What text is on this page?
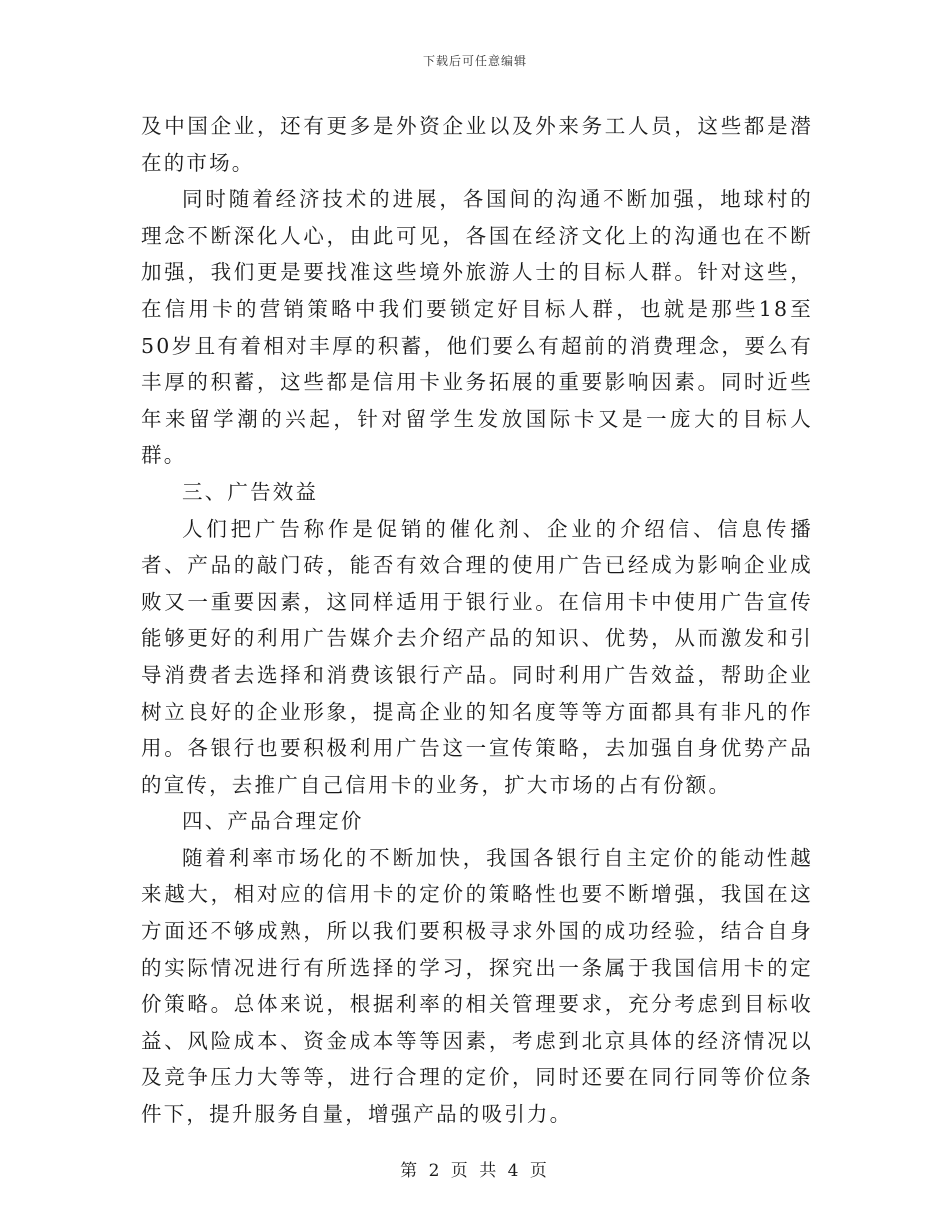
下载后可任意编辑

及中国企业，还有更多是外资企业以及外来务工人员，这些都是潜在的市场。

同时随着经济技术的进展，各国间的沟通不断加强，地球村的理念不断深化人心，由此可见，各国在经济文化上的沟通也在不断加强，我们更是要找准这些境外旅游人士的目标人群。针对这些，在信用卡的营销策略中我们要锁定好目标人群，也就是那些18至50岁且有着相对丰厚的积蓄，他们要么有超前的消费理念，要么有丰厚的积蓄，这些都是信用卡业务拓展的重要影响因素。同时近些年来留学潮的兴起，针对留学生发放国际卡又是一庞大的目标人群。

三、广告效益

人们把广告称作是促销的催化剂、企业的介绍信、信息传播者、产品的敲门砖，能否有效合理的使用广告已经成为影响企业成败又一重要因素，这同样适用于银行业。在信用卡中使用广告宣传能够更好的利用广告媒介去介绍产品的知识、优势，从而激发和引导消费者去选择和消费该银行产品。同时利用广告效益，帮助企业树立良好的企业形象，提高企业的知名度等等方面都具有非凡的作用。各银行也要积极利用广告这一宣传策略，去加强自身优势产品的宣传，去推广自己信用卡的业务，扩大市场的占有份额。

四、产品合理定价

随着利率市场化的不断加快，我国各银行自主定价的能动性越来越大，相对应的信用卡的定价的策略性也要不断增强，我国在这方面还不够成熟，所以我们要积极寻求外国的成功经验，结合自身的实际情况进行有所选择的学习，探究出一条属于我国信用卡的定价策略。总体来说，根据利率的相关管理要求，充分考虑到目标收益、风险成本、资金成本等等因素，考虑到北京具体的经济情况以及竞争压力大等等，进行合理的定价，同时还要在同行同等价位条件下，提升服务自量，增强产品的吸引力。

第 2 页 共 4 页
